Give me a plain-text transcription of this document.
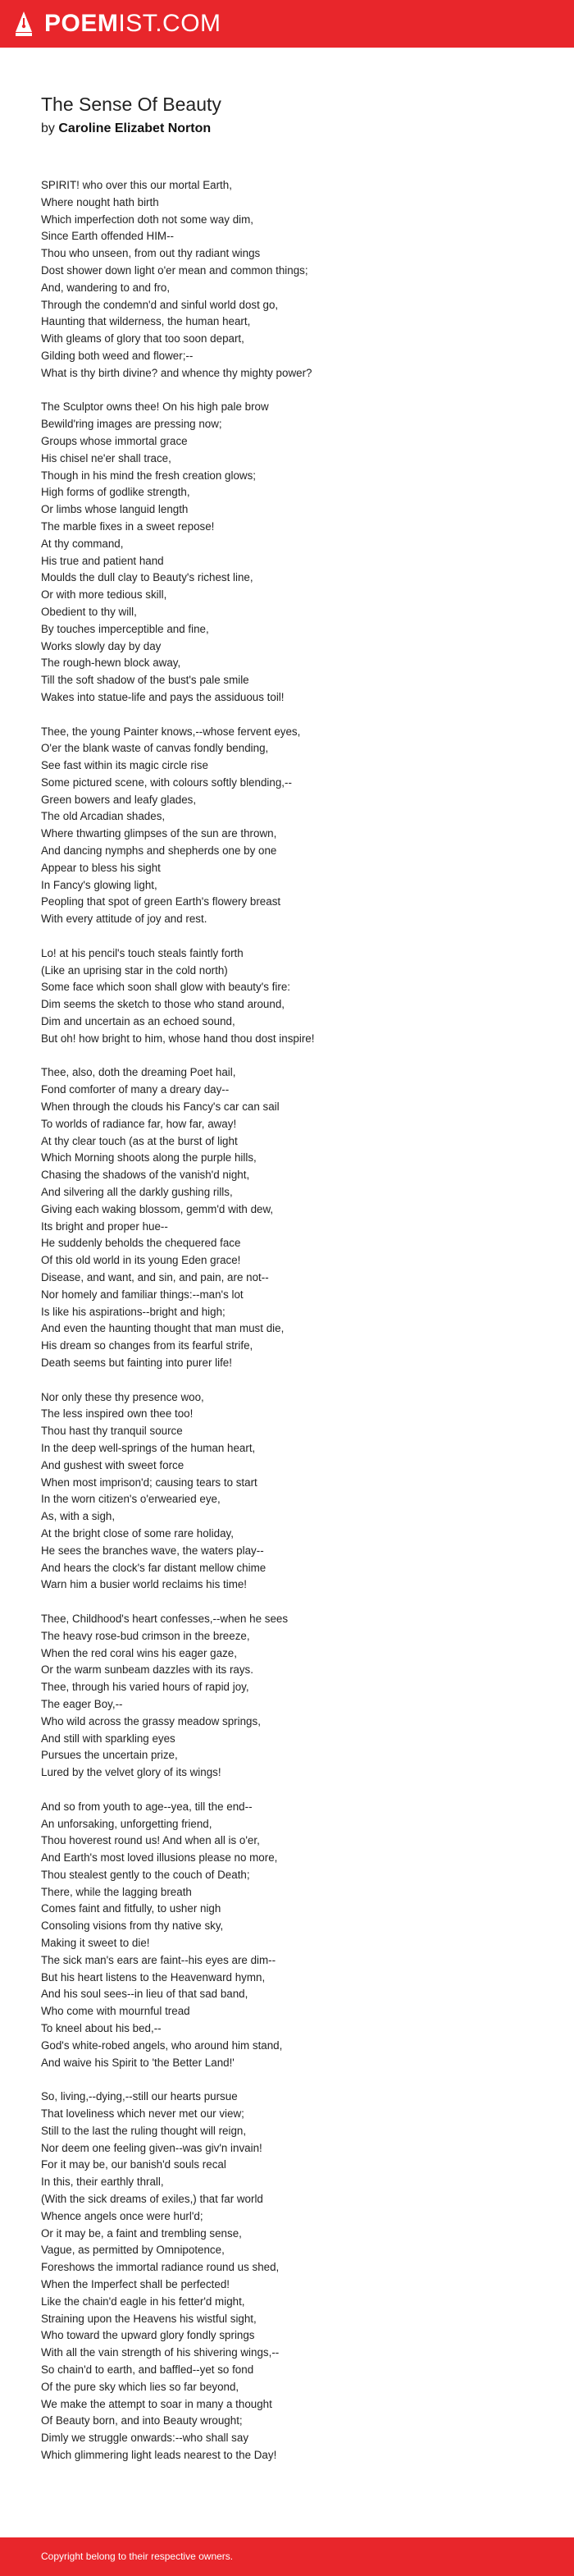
POEMIST.COM
The Sense Of Beauty
by Caroline Elizabet Norton
SPIRIT! who over this our mortal Earth,
Where nought hath birth
Which imperfection doth not some way dim,
Since Earth offended HIM--
Thou who unseen, from out thy radiant wings
Dost shower down light o'er mean and common things;
And, wandering to and fro,
Through the condemn'd and sinful world dost go,
Haunting that wilderness, the human heart,
With gleams of glory that too soon depart,
Gilding both weed and flower;--
What is thy birth divine? and whence thy mighty power?
The Sculptor owns thee! On his high pale brow
Bewild'ring images are pressing now;
Groups whose immortal grace
His chisel ne'er shall trace,
Though in his mind the fresh creation glows;
High forms of godlike strength,
Or limbs whose languid length
The marble fixes in a sweet repose!
At thy command,
His true and patient hand
Moulds the dull clay to Beauty's richest line,
Or with more tedious skill,
Obedient to thy will,
By touches imperceptible and fine,
Works slowly day by day
The rough-hewn block away,
Till the soft shadow of the bust's pale smile
Wakes into statue-life and pays the assiduous toil!
Thee, the young Painter knows,--whose fervent eyes,
O'er the blank waste of canvas fondly bending,
See fast within its magic circle rise
Some pictured scene, with colours softly blending,--
Green bowers and leafy glades,
The old Arcadian shades,
Where thwarting glimpses of the sun are thrown,
And dancing nymphs and shepherds one by one
Appear to bless his sight
In Fancy's glowing light,
Peopling that spot of green Earth's flowery breast
With every attitude of joy and rest.
Lo! at his pencil's touch steals faintly forth
(Like an uprising star in the cold north)
Some face which soon shall glow with beauty's fire:
Dim seems the sketch to those who stand around,
Dim and uncertain as an echoed sound,
But oh! how bright to him, whose hand thou dost inspire!
Thee, also, doth the dreaming Poet hail,
Fond comforter of many a dreary day--
When through the clouds his Fancy's car can sail
To worlds of radiance far, how far, away!
At thy clear touch (as at the burst of light
Which Morning shoots along the purple hills,
Chasing the shadows of the vanish'd night,
And silvering all the darkly gushing rills,
Giving each waking blossom, gemm'd with dew,
Its bright and proper hue--
He suddenly beholds the chequered face
Of this old world in its young Eden grace!
Disease, and want, and sin, and pain, are not--
Nor homely and familiar things:--man's lot
Is like his aspirations--bright and high;
And even the haunting thought that man must die,
His dream so changes from its fearful strife,
Death seems but fainting into purer life!
Nor only these thy presence woo,
The less inspired own thee too!
Thou hast thy tranquil source
In the deep well-springs of the human heart,
And gushest with sweet force
When most imprison'd; causing tears to start
In the worn citizen's o'erwearied eye,
As, with a sigh,
At the bright close of some rare holiday,
He sees the branches wave, the waters play--
And hears the clock's far distant mellow chime
Warn him a busier world reclaims his time!
Thee, Childhood's heart confesses,--when he sees
The heavy rose-bud crimson in the breeze,
When the red coral wins his eager gaze,
Or the warm sunbeam dazzles with its rays.
Thee, through his varied hours of rapid joy,
The eager Boy,--
Who wild across the grassy meadow springs,
And still with sparkling eyes
Pursues the uncertain prize,
Lured by the velvet glory of its wings!
And so from youth to age--yea, till the end--
An unforsaking, unforgetting friend,
Thou hoverest round us! And when all is o'er,
And Earth's most loved illusions please no more,
Thou stealest gently to the couch of Death;
There, while the lagging breath
Comes faint and fitfully, to usher nigh
Consoling visions from thy native sky,
Making it sweet to die!
The sick man's ears are faint--his eyes are dim--
But his heart listens to the Heavenward hymn,
And his soul sees--in lieu of that sad band,
Who come with mournful tread
To kneel about his bed,--
God's white-robed angels, who around him stand,
And waive his Spirit to 'the Better Land!'
So, living,--dying,--still our hearts pursue
That loveliness which never met our view;
Still to the last the ruling thought will reign,
Nor deem one feeling given--was giv'n invain!
For it may be, our banish'd souls recal
In this, their earthly thrall,
(With the sick dreams of exiles,) that far world
Whence angels once were hurl'd;
Or it may be, a faint and trembling sense,
Vague, as permitted by Omnipotence,
Foreshows the immortal radiance round us shed,
When the Imperfect shall be perfected!
Like the chain'd eagle in his fetter'd might,
Straining upon the Heavens his wistful sight,
Who toward the upward glory fondly springs
With all the vain strength of his shivering wings,--
So chain'd to earth, and baffled--yet so fond
Of the pure sky which lies so far beyond,
We make the attempt to soar in many a thought
Of Beauty born, and into Beauty wrought;
Dimly we struggle onwards:--who shall say
Which glimmering light leads nearest to the Day!
Copyright belong to their respective owners.
